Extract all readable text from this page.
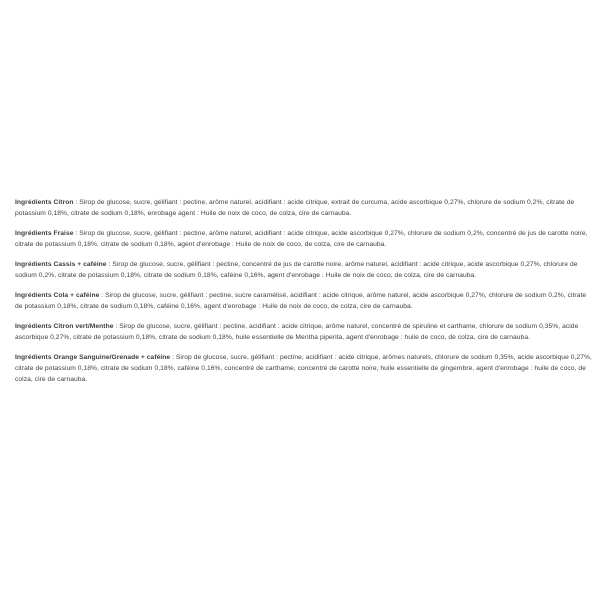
Ingrédients Citron : Sirop de glucose, sucre, gélifiant : pectine, arôme naturel, acidifiant : acide citrique, extrait de curcuma, acide ascorbique 0,27%, chlorure de sodium 0,2%, citrate de potassium 0,18%, citrate de sodium 0,18%, enrobage agent : Huile de noix de coco, de colza, cire de carnauba.

Ingrédients Fraise : Sirop de glucose, sucre, gélifiant : pectine, arôme naturel, acidifiant : acide citrique, acide ascorbique 0,27%, chlorure de sodium 0,2%, concentré de jus de carotte noire, citrate de potassium 0,18%, citrate de sodium 0,18%, agent d'enrobage : Huile de noix de coco, de colza, cire de carnauba.

Ingrédients Cassis + caféine : Sirop de glucose, sucre, gélifiant : pectine, concentré de jus de carotte noire, arôme naturel, acidifiant : acide citrique, acide ascorbique 0,27%, chlorure de sodium 0,2%, citrate de potassium 0,18%, citrate de sodium 0,18%, caféine 0,16%, agent d'enrobage : Huile de noix de coco, de colza, cire de carnauba.

Ingrédients Cola + caféine : Sirop de glucose, sucre, gélifiant : pectine, sucre caramélisé, acidifiant : acide citrique, arôme naturel, acide ascorbique 0,27%, chlorure de sodium 0,2%, citrate de potassium 0,18%, citrate de sodium 0,18%, caféine 0,16%, agent d'enrobage : Huile de noix de coco, de colza, cire de carnauba.

Ingrédients Citron vert/Menthe : Sirop de glucose, sucre, gélifiant : pectine, acidifiant : acide citrique, arôme naturel, concentré de spiruline et carthame, chlorure de sodium 0,35%, acide ascorbique 0,27%, citrate de potassium 0,18%, citrate de sodium 0,18%, huile essentielle de Mentha piperita, agent d'enrobage : huile de coco, de colza, cire de carnauba.

Ingrédients Orange Sanguine/Grenade + caféine : Sirop de glucose, sucre, gélifiant : pectine, acidifiant : acide citrique, arômes naturels, chlorure de sodium 0,35%, acide ascorbique 0,27%, citrate de potassium 0,18%, citrate de sodium 0,18%, caféine 0,16%, concentré de carthame, concentré de carotte noire, huile essentielle de gingembre, agent d'enrobage : huile de coco, de colza, cire de carnauba.
